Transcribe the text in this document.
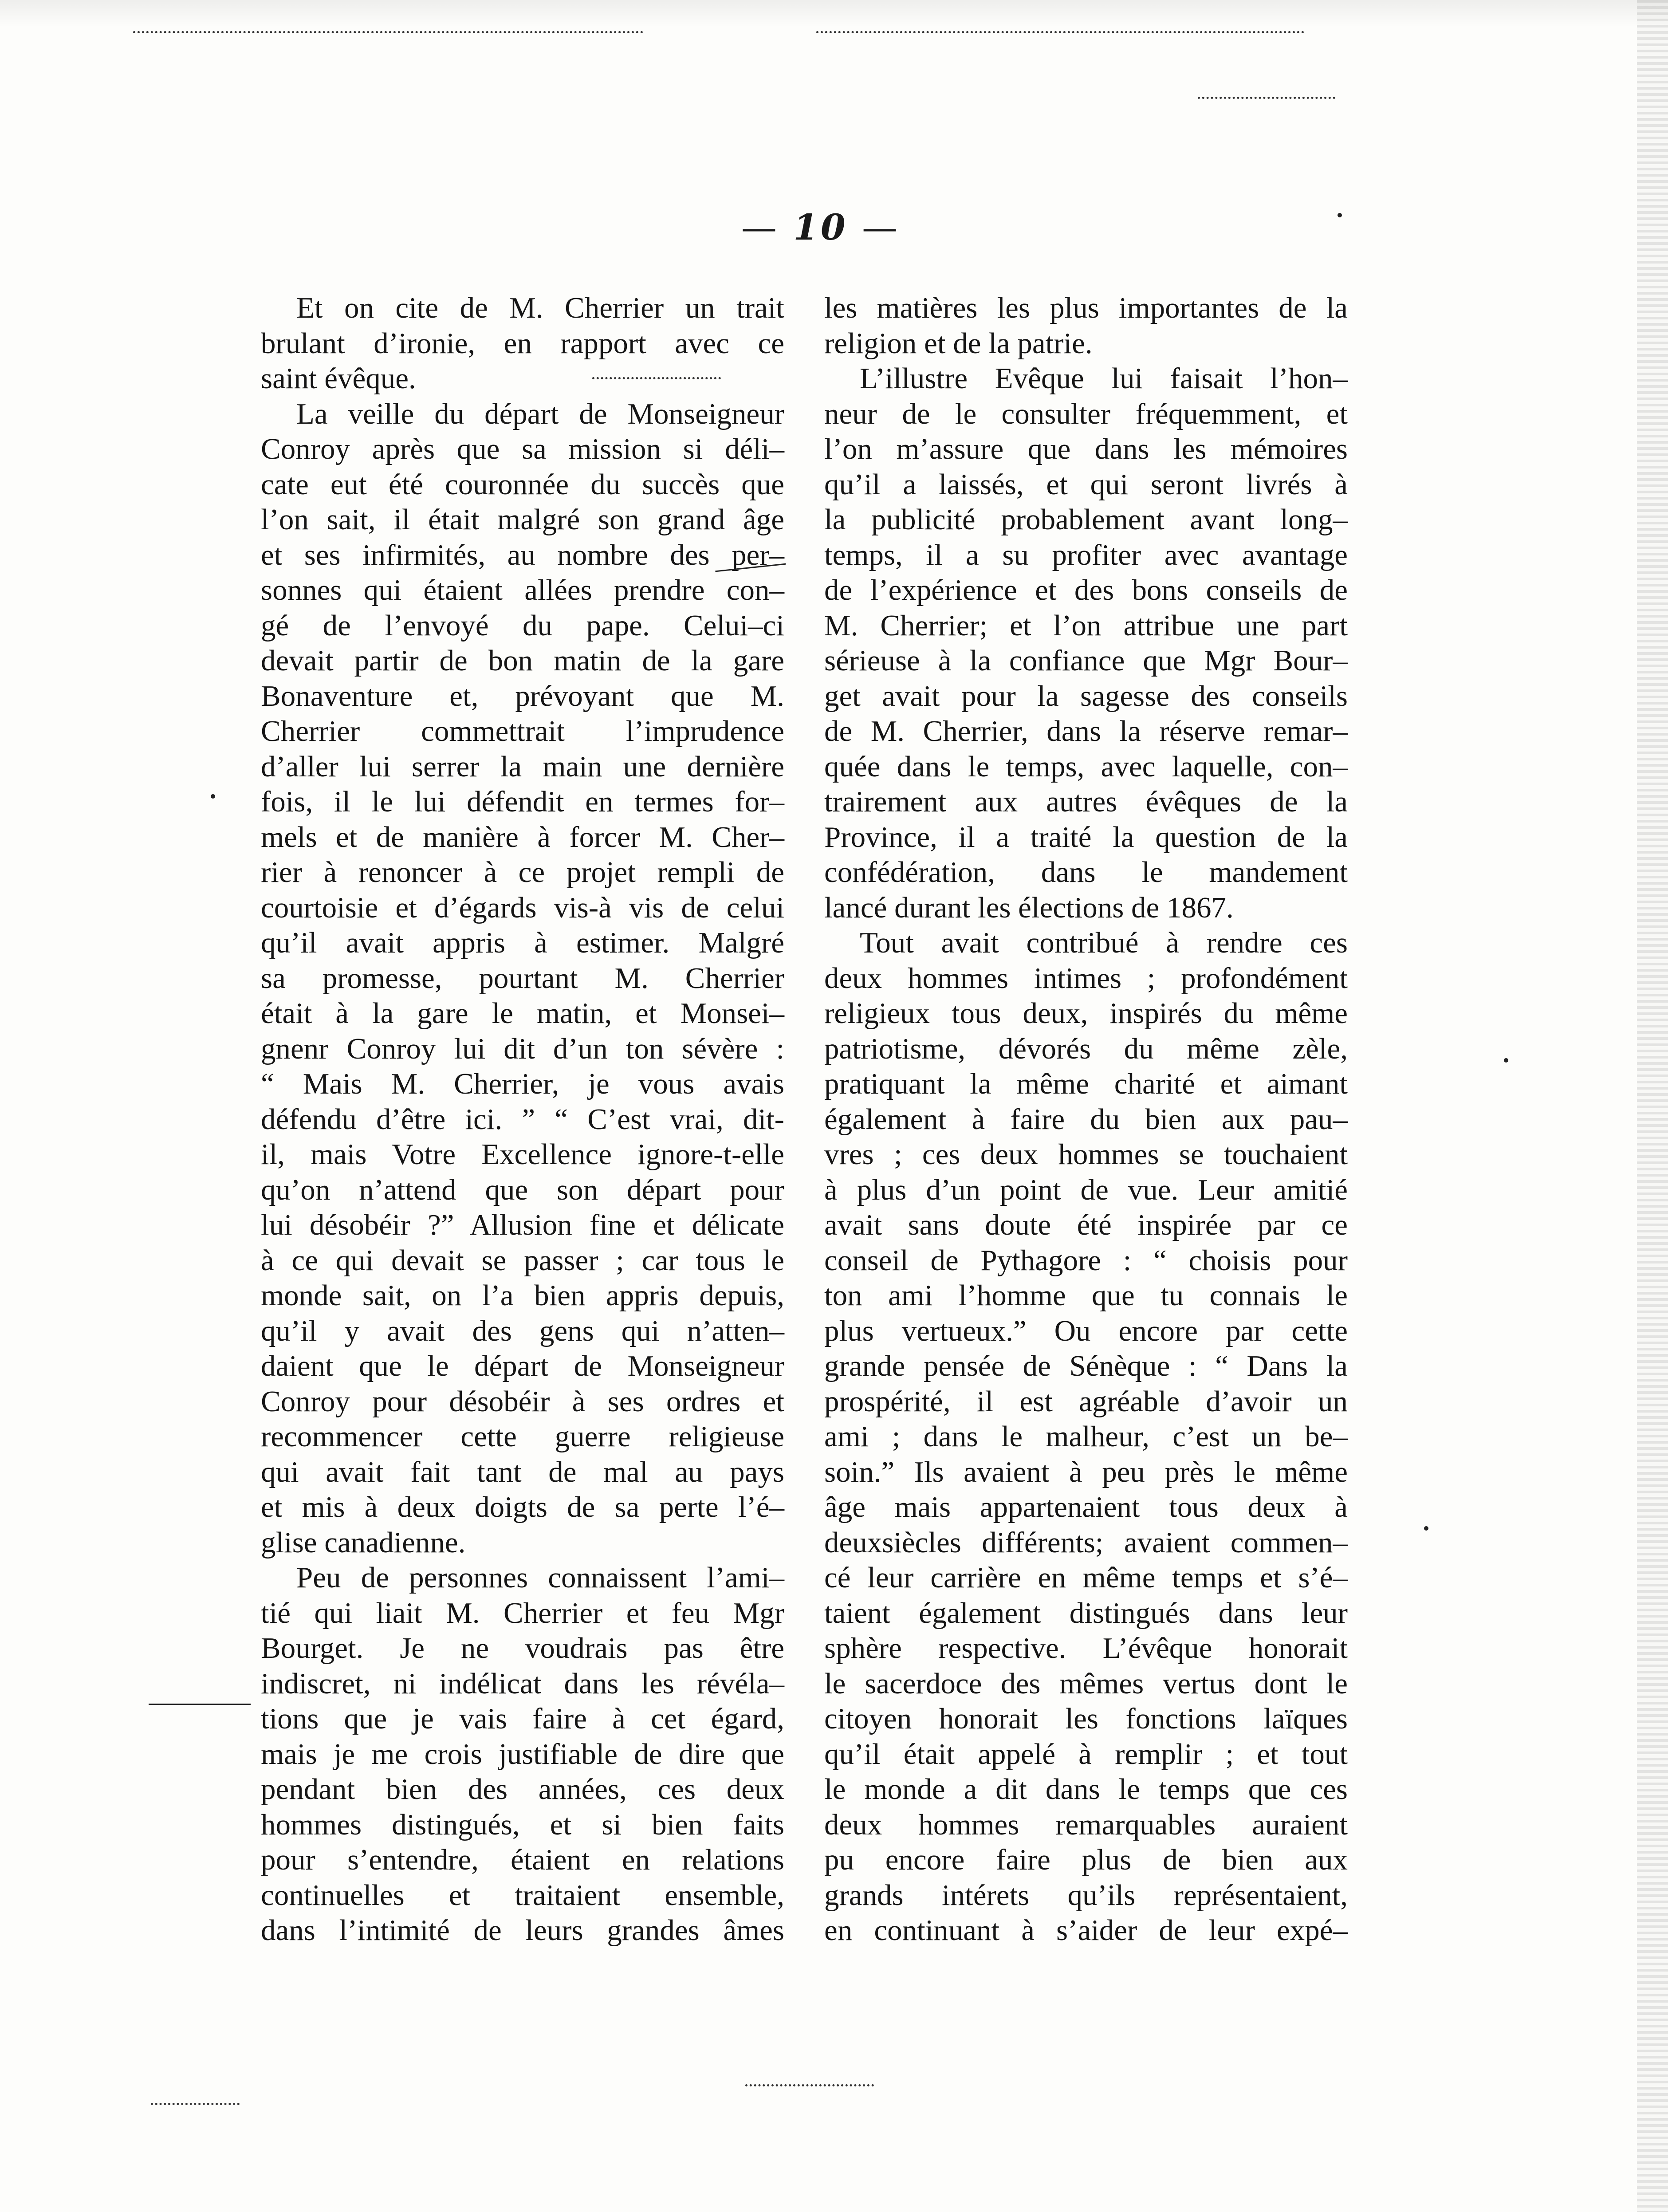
— 10 —
Et on cite de M. Cherrier un trait
brulant d’ironie, en rapport avec ce
saint évêque.
La veille du départ de Monseigneur
Conroy après que sa mission si déli–
cate eut été couronnée du succès que
l’on sait, il était malgré son grand âge
et ses infirmités, au nombre des per–
sonnes qui étaient allées prendre con–
gé de l’envoyé du pape. Celui–ci
devait partir de bon matin de la gare
Bonaventure et, prévoyant que M.
Cherrier commettrait l’imprudence
d’aller lui serrer la main une dernière
fois, il le lui défendit en termes for–
mels et de manière à forcer M. Cher–
rier à renoncer à ce projet rempli de
courtoisie et d’égards vis-à vis de celui
qu’il avait appris à estimer. Malgré
sa promesse, pourtant M. Cherrier
était à la gare le matin, et Monsei–
gnenr Conroy lui dit d’un ton sévère :
“ Mais M. Cherrier, je vous avais
défendu d’être ici. ” “ C’est vrai, dit-
il, mais Votre Excellence ignore-t-elle
qu’on n’attend que son départ pour
lui désobéir ?” Allusion fine et délicate
à ce qui devait se passer ; car tous le
monde sait, on l’a bien appris depuis,
qu’il y avait des gens qui n’atten–
daient que le départ de Monseigneur
Conroy pour désobéir à ses ordres et
recommencer cette guerre religieuse
qui avait fait tant de mal au pays
et mis à deux doigts de sa perte l’é–
glise canadienne.
Peu de personnes connaissent l’ami–
tié qui liait M. Cherrier et feu Mgr
Bourget. Je ne voudrais pas être
indiscret, ni indélicat dans les révéla–
tions que je vais faire à cet égard,
mais je me crois justifiable de dire que
pendant bien des années, ces deux
hommes distingués, et si bien faits
pour s’entendre, étaient en relations
continuelles et traitaient ensemble,
dans l’intimité de leurs grandes âmes
les matières les plus importantes de la
religion et de la patrie.
L’illustre Evêque lui faisait l’hon–
neur de le consulter fréquemment, et
l’on m’assure que dans les mémoires
qu’il a laissés, et qui seront livrés à
la publicité probablement avant long–
temps, il a su profiter avec avantage
de l’expérience et des bons conseils de
M. Cherrier; et l’on attribue une part
sérieuse à la confiance que Mgr Bour–
get avait pour la sagesse des conseils
de M. Cherrier, dans la réserve remar–
quée dans le temps, avec laquelle, con–
trairement aux autres évêques de la
Province, il a traité la question de la
confédération, dans le mandement
lancé durant les élections de 1867.
Tout avait contribué à rendre ces
deux hommes intimes ; profondément
religieux tous deux, inspirés du même
patriotisme, dévorés du même zèle,
pratiquant la même charité et aimant
également à faire du bien aux pau–
vres ; ces deux hommes se touchaient
à plus d’un point de vue. Leur amitié
avait sans doute été inspirée par ce
conseil de Pythagore : “ choisis pour
ton ami l’homme que tu connais le
plus vertueux.” Ou encore par cette
grande pensée de Sénèque : “ Dans la
prospérité, il est agréable d’avoir un
ami ; dans le malheur, c’est un be–
soin.” Ils avaient à peu près le même
âge mais appartenaient tous deux à
deuxsiècles différents; avaient commen–
cé leur carrière en même temps et s’é–
taient également distingués dans leur
sphère respective. L’évêque honorait
le sacerdoce des mêmes vertus dont le
citoyen honorait les fonctions laïques
qu’il était appelé à remplir ; et tout
le monde a dit dans le temps que ces
deux hommes remarquables auraient
pu encore faire plus de bien aux
grands intérets qu’ils représentaient,
en continuant à s’aider de leur expé–
